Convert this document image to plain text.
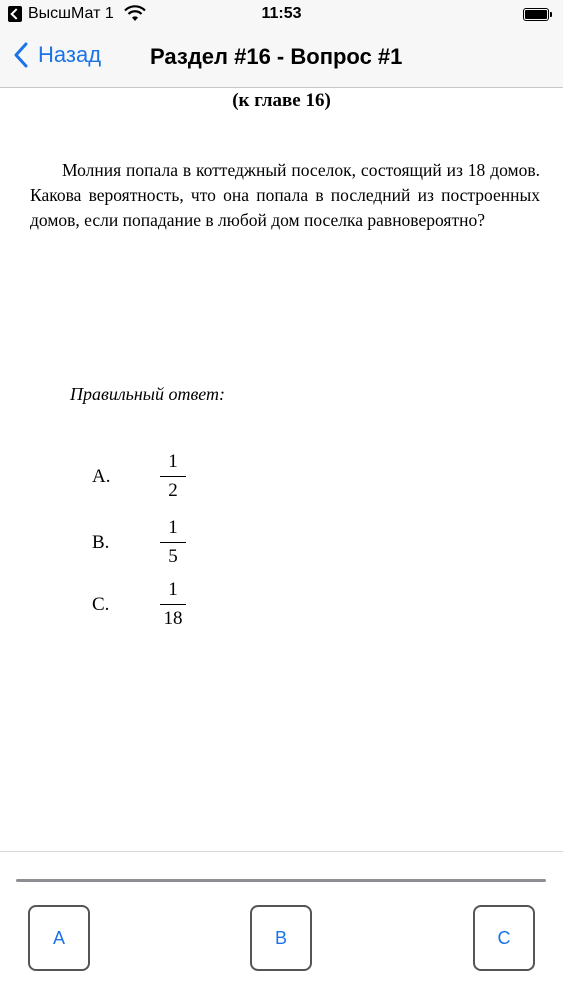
ВысшМат 1	11:53
Назад Раздел #16 - Вопрос #1
(к главе 16)
Молния попала в коттеджный поселок, состоящий из 18 домов. Какова вероятность, что она попала в последний из построенных домов, если попадание в любой дом поселка равновероятно?
Правильный ответ:
A.
1
2
B.
1
5
C.
1
18
A	B	C
